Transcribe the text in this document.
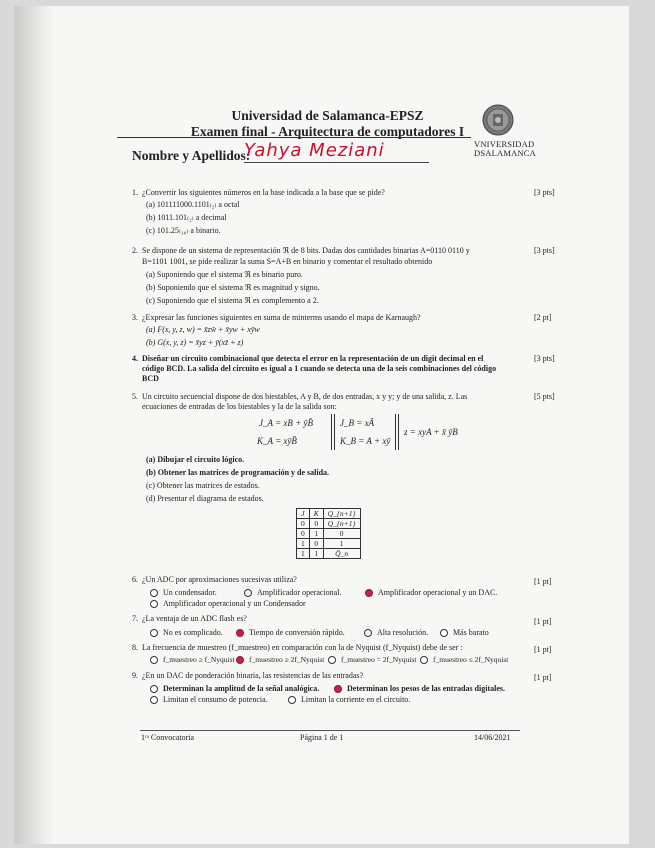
Universidad de Salamanca-EPSZ
Examen final - Arquitectura de computadores I
VNIVERSIDAD
DSALAMANCA
Nombre y Apellidos:
Yahya Meziani
1. ¿Convertir los siguientes números en la base indicada a la base que se pide?	[3 pts]
(a) 101111000.1101₍₂₎ a octal
(b) 1011.101₍₂₎ a decimal
(c) 101.25₍₁₀₎ a binario.
2. Se dispone de un sistema de representación ℜ de 8 bits. Dadas dos cantidades binarias A=0110 0110 y
B=1101 1001, se pide realizar la suma S=A+B en binario y comentar el resultado obtenido
[3 pts]
(a) Suponiendo que el sistema ℜ es binario puro.
(b) Suponiendo que el sistema ℜ es magnitud y signo.
(c) Suponiendo que el sistema ℜ es complemento a 2.
3. ¿Expresar las funciones siguientes en suma de minterms usando el mapa de Karnaugh?	[2 pt]
(a) F(x, y, z, w) = x̄zw̄ + x̄yw + xȳw
(b) G(x, y, z) = x̄yz + ȳ(xz̄ + z)
4. Diseñar un circuito combinacional que detecta el error en la representación de un digit decimal en el
código BCD. La salida del circuito es igual a 1 cuando se detecta una de la seis combinaciones del código
BCD
[3 pts]
5. Un circuito secuencial dispone de dos biestables, A y B, de dos entradas, x y y; y de una salida, z. Las
ecuaciones de entradas de los biestables y la de la salida son:
[5 pts]
J_A = xB + ȳB̄
K_A = xȳB̄
J_B = xĀ
K_B = A + xȳ
z = xyA + x̄ ȳB
(a) Dibujar el circuito lógico.
(b) Obtener las matrices de programación y de salida.
(c) Obtener las matrices de estados.
(d) Presentar el diagrama de estados.
J	K	Q_{n+1}
0	0	Q_{n+1}
0	1	0
1	0	1
1	1	Q̄_n
6. ¿Un ADC por aproximaciones sucesivas utiliza?	[1 pt]
Un condensador.	Amplificador operacional.	Amplificador operacional y un DAC.
Amplificador operacional y un Condensador
7. ¿La ventaja de un ADC flash es?	[1 pt]
No es complicado.	Tiempo de conversión rápido.	Alta resolución.	Más barato
8. La frecuencia de muestreo (f_muestreo) en comparación con la de Nyquist (f_Nyquist) debe de ser :	[1 pt]
f_muestreo ≥ f_Nyquist f_muestreo ≥ 2f_Nyquist f_muestreo = 2f_Nyquist f_muestreo ≤ 2f_Nyquist
9. ¿En un DAC de ponderación binaria, las resistencias de las entradas?	[1 pt]
Determinan la amplitud de la señal analógica.	Determinan los pesos de las entradas digitales.
Limitan el consumo de potencia.	Limitan la corriente en el circuito.
1ʳᵃ Convocatoria	Página 1 de 1	14/06/2021
